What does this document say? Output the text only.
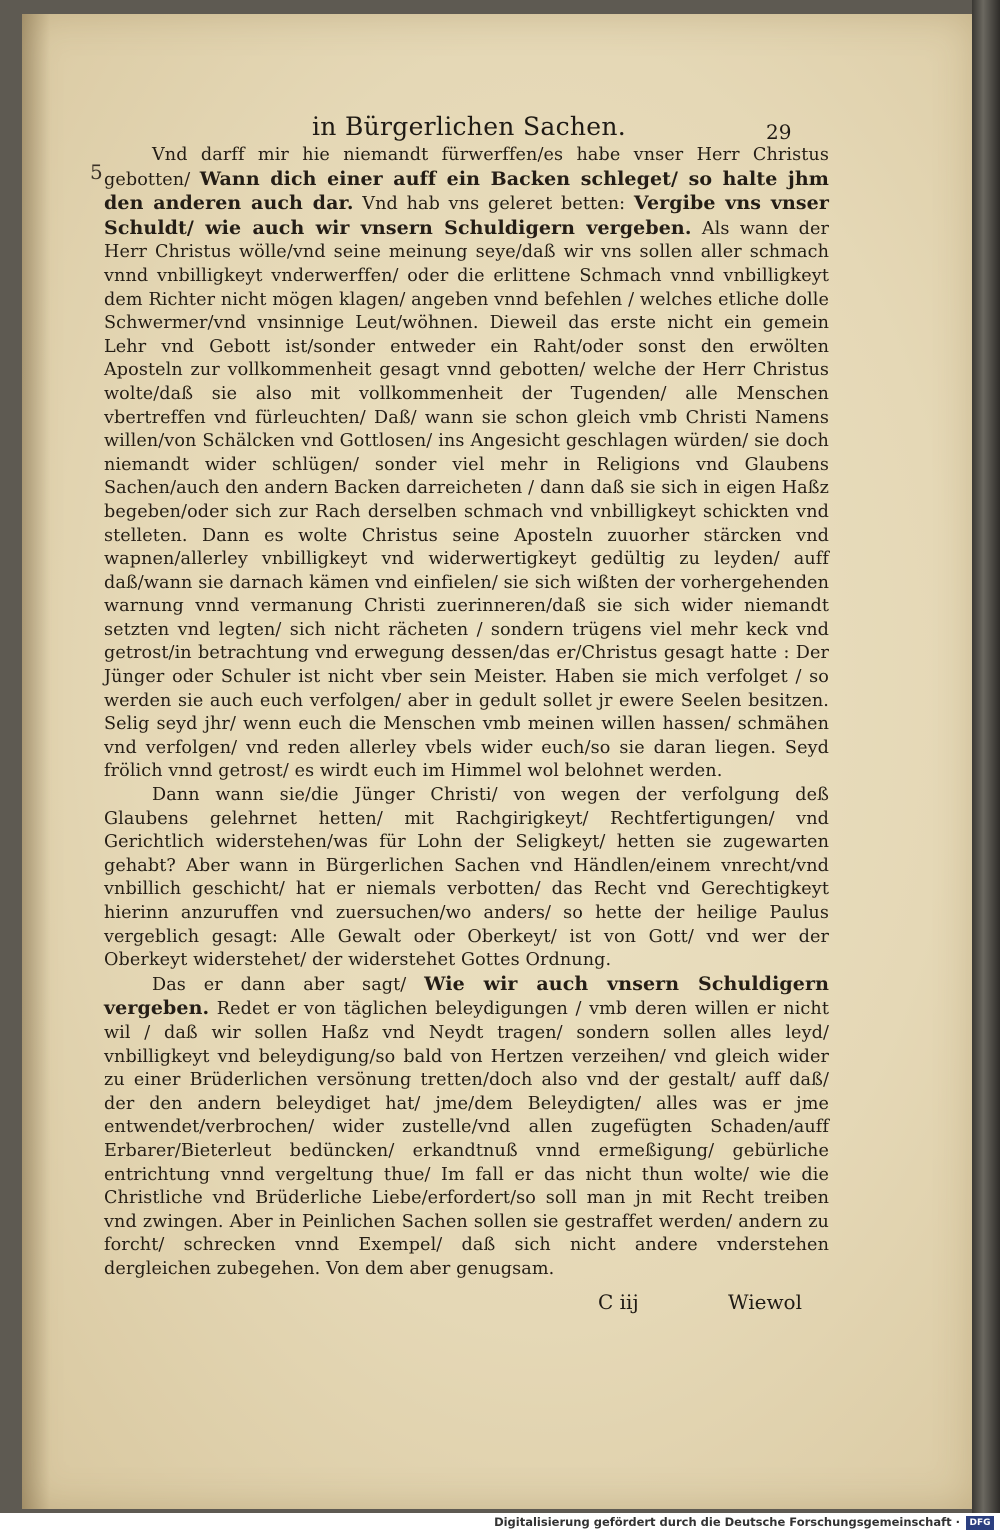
in Bürgerlichen Sachen.	29
5

Vnd darff mir hie niemandt fürwerffen/es habe vnser Herr Christus gebotten/ Wann dich einer auff ein Backen schleget/ so halte jhm den anderen auch dar. Vnd hab vns geleret betten: Vergibe vns vnser Schuldt/ wie auch wir vnsern Schuldigern vergeben. Als wann der Herr Christus wölle/vnd seine meinung seye/daß wir vns sollen aller schmach vnnd vnbilligkeyt vnderwerffen/ oder die erlittene Schmach vnnd vnbilligkeyt dem Richter nicht mögen klagen/ angeben vnnd befehlen / welches etliche dolle Schwermer/vnd vnsinnige Leut/wöhnen. Dieweil das erste nicht ein gemein Lehr vnd Gebott ist/sonder entweder ein Raht/oder sonst den erwölten Aposteln zur vollkommenheit gesagt vnnd gebotten/ welche der Herr Christus wolte/daß sie also mit vollkommenheit der Tugenden/ alle Menschen vbertreffen vnd fürleuchten/ Daß/ wann sie schon gleich vmb Christi Namens willen/von Schälcken vnd Gottlosen/ ins Angesicht geschlagen würden/ sie doch niemandt wider schlügen/ sonder viel mehr in Religions vnd Glaubens Sachen/auch den andern Backen darreicheten / dann daß sie sich in eigen Haßz begeben/oder sich zur Rach derselben schmach vnd vnbilligkeyt schickten vnd stelleten. Dann es wolte Christus seine Aposteln zuuorher stärcken vnd wapnen/allerley vnbilligkeyt vnd widerwertigkeyt gedültig zu leyden/ auff daß/wann sie darnach kämen vnd einfielen/ sie sich wißten der vorhergehenden warnung vnnd vermanung Christi zuerinneren/daß sie sich wider niemandt setzten vnd legten/ sich nicht rächeten / sondern trügens viel mehr keck vnd getrost/in betrachtung vnd erwegung dessen/das er/Christus gesagt hatte : Der Jünger oder Schuler ist nicht vber sein Meister. Haben sie mich verfolget / so werden sie auch euch verfolgen/ aber in gedult sollet jr ewere Seelen besitzen. Selig seyd jhr/ wenn euch die Menschen vmb meinen willen hassen/ schmähen vnd verfolgen/ vnd reden allerley vbels wider euch/so sie daran liegen. Seyd frölich vnnd getrost/ es wirdt euch im Himmel wol belohnet werden.

Dann wann sie/die Jünger Christi/ von wegen der verfolgung deß Glaubens gelehrnet hetten/ mit Rachgirigkeyt/ Rechtfertigungen/ vnd Gerichtlich widerstehen/was für Lohn der Seligkeyt/ hetten sie zugewarten gehabt? Aber wann in Bürgerlichen Sachen vnd Händlen/einem vnrecht/vnd vnbillich geschicht/ hat er niemals verbotten/ das Recht vnd Gerechtigkeyt hierinn anzuruffen vnd zuersuchen/wo anders/ so hette der heilige Paulus vergeblich gesagt: Alle Gewalt oder Oberkeyt/ ist von Gott/ vnd wer der Oberkeyt widerstehet/ der widerstehet Gottes Ordnung.

Das er dann aber sagt/ Wie wir auch vnsern Schuldigern vergeben. Redet er von täglichen beleydigungen / vmb deren willen er nicht wil / daß wir sollen Haßz vnd Neydt tragen/ sondern sollen alles leyd/ vnbilligkeyt vnd beleydigung/so bald von Hertzen verzeihen/ vnd gleich wider zu einer Brüderlichen versönung tretten/doch also vnd der gestalt/ auff daß/ der den andern beleydiget hat/ jme/dem Beleydigten/ alles was er jme entwendet/verbrochen/ wider zustelle/vnd allen zugefügten Schaden/auff Erbarer/Bieterleut bedüncken/ erkandtnuß vnnd ermeßigung/ gebürliche entrichtung vnnd vergeltung thue/ Im fall er das nicht thun wolte/ wie die Christliche vnd Brüderliche Liebe/erfordert/so soll man jn mit Recht treiben vnd zwingen. Aber in Peinlichen Sachen sollen sie gestraffet werden/ andern zu forcht/ schrecken vnnd Exempel/ daß sich nicht andere vnderstehen dergleichen zubegehen. Von dem aber genugsam.

C iij	Wiewol
Digitalisierung gefördert durch die Deutsche Forschungsgemeinschaft ·	DFG
